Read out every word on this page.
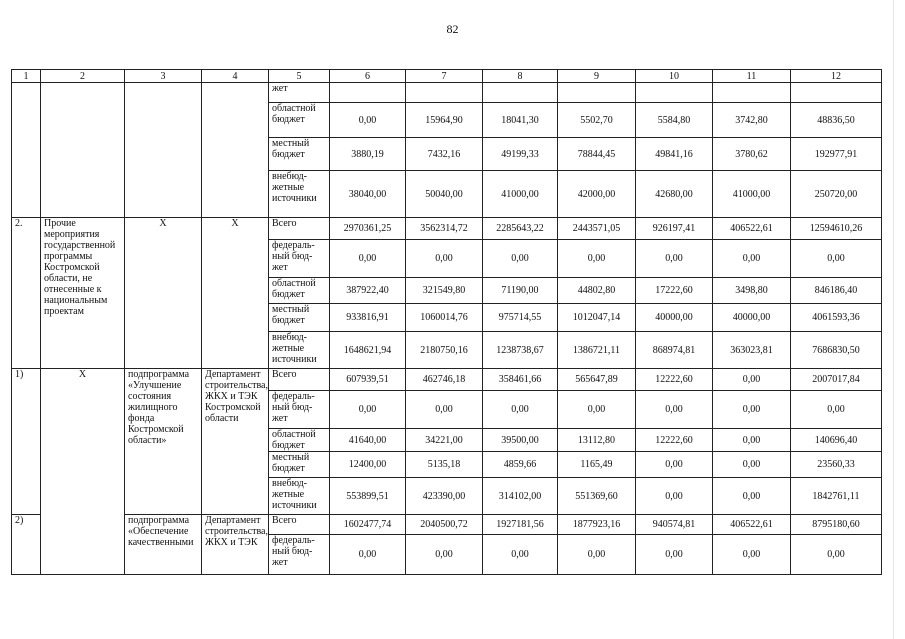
82
1	2	3	4	5	6	7	8	9	10	11	12
				жет							
				областной бюджет	0,00	15964,90	18041,30	5502,70	5584,80	3742,80	48836,50
				местный бюджет	3880,19	7432,16	49199,33	78844,45	49841,16	3780,62	192977,91
				внебюд-жетные источники	38040,00	50040,00	41000,00	42000,00	42680,00	41000,00	250720,00
2.	Прочие мероприятия государственной программы Костромской области, не отнесенные к национальным проектам	Х	Х	Всего	2970361,25	3562314,72	2285643,22	2443571,05	926197,41	406522,61	12594610,26
				федераль-ный бюд-жет	0,00	0,00	0,00	0,00	0,00	0,00	0,00
				областной бюджет	387922,40	321549,80	71190,00	44802,80	17222,60	3498,80	846186,40
				местный бюджет	933816,91	1060014,76	975714,55	1012047,14	40000,00	40000,00	4061593,36
				внебюд-жетные источники	1648621,94	2180750,16	1238738,67	1386721,11	868974,81	363023,81	7686830,50
1)	Х	подпрограмма «Улучшение состояния жилищного фонда Костромской области»	Департамент строительства, ЖКХ и ТЭК Костромской области	Всего	607939,51	462746,18	358461,66	565647,89	12222,60	0,00	2007017,84
				федераль-ный бюд-жет	0,00	0,00	0,00	0,00	0,00	0,00	0,00
				областной бюджет	41640,00	34221,00	39500,00	13112,80	12222,60	0,00	140696,40
				местный бюджет	12400,00	5135,18	4859,66	1165,49	0,00	0,00	23560,33
				внебюд-жетные источники	553899,51	423390,00	314102,00	551369,60	0,00	0,00	1842761,11
2)		подпрограмма «Обеспечение качественными	Департамент строительства, ЖКХ и ТЭК	Всего	1602477,74	2040500,72	1927181,56	1877923,16	940574,81	406522,61	8795180,60
				федераль-ный бюд-жет	0,00	0,00	0,00	0,00	0,00	0,00	0,00
